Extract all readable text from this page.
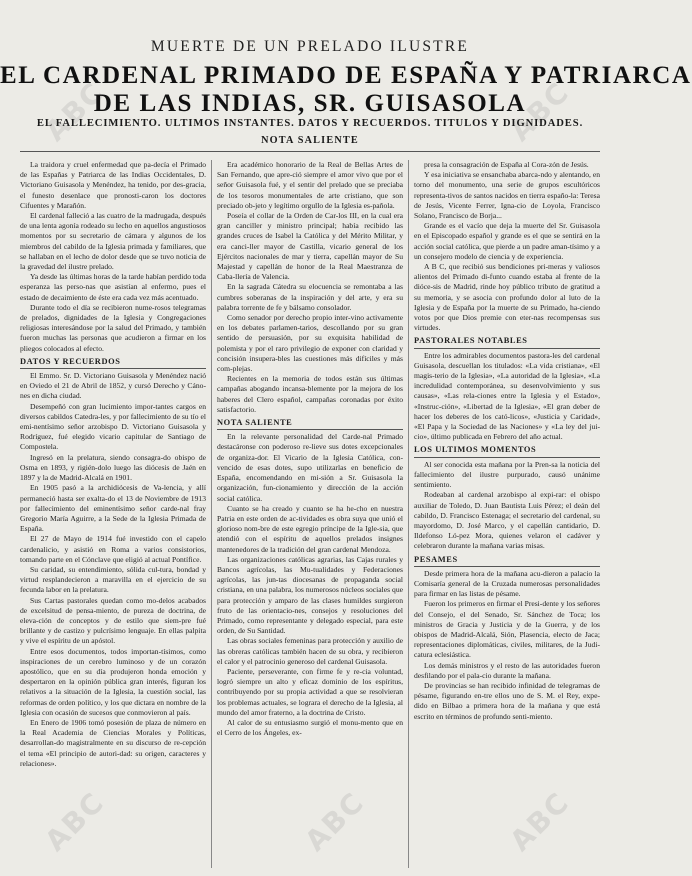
ABC	ABC
ABC	ABC	ABC
MUERTE DE UN PRELADO ILUSTRE
EL CARDENAL PRIMADO DE ESPAÑA Y PATRIARCA
DE LAS INDIAS, SR. GUISASOLA
EL FALLECIMIENTO. ULTIMOS INSTANTES. DATOS Y RECUERDOS. TITULOS Y DIGNIDADES.
NOTA SALIENTE

La traidora y cruel enfermedad que pa-decía el Primado de las Españas y Patriarca de las Indias Occidentales, D. Victoriano Guisasola y Menéndez, ha tenido, por des-gracia, el funesto desenlace que pronosti-caron los doctores Cifuentes y Marañón.

El cardenal falleció a las cuatro de la madrugada, después de una lenta agonía rodeado su lecho en aquellos angustiosos momentos por su secretario de cámara y algunos de los miembros del cabildo de la Iglesia primada y familiares, que se hallaban en el lecho de dolor desde que se tuvo noticia de la gravedad del ilustre prelado.

Ya desde las últimas horas de la tarde habían perdido toda esperanza las perso-nas que asistían al enfermo, pues el estado de decaimiento de éste era cada vez más acentuado.

Durante todo el día se recibieron nume-rosos telegramas de prelados, dignidades de la Iglesia y Congregaciones religiosas interesándose por la salud del Primado, y también fueron muchas las personas que acudieron a firmar en los pliegos colocados al efecto.

DATOS Y RECUERDOS

El Emmo. Sr. D. Victoriano Guisasola y Menéndez nació en Oviedo el 21 de Abril de 1852, y cursó Derecho y Cáno-nes en dicha ciudad.

Desempeñó con gran lucimiento impor-tantes cargos en diversos cabildos Catedra-les, y por fallecimiento de su tío el emi-nentísimo señor arzobispo D. Victoriano Guisasola y Rodríguez, fué elegido vicario capitular de Santiago de Compostela.

Ingresó en la prelatura, siendo consagra-do obispo de Osma en 1893, y rigién-dolo luego las diócesis de Jaén en 1897 y la de Madrid-Alcalá en 1901.

En 1905 pasó a la archidiócesis de Va-lencia, y allí permaneció hasta ser exalta-do el 13 de Noviembre de 1913 por fallecimiento del eminentísimo señor carde-nal fray Gregorio María Aguirre, a la Sede de la Iglesia Primada de España.

El 27 de Mayo de 1914 fué investido con el capelo cardenalicio, y asistió en Roma a varios consistorios, tomando parte en el Cónclave que eligió al actual Pontífice.

Su caridad, su entendimiento, sólida cul-tura, bondad y virtud resplandecieron a maravilla en el ejercicio de su fecunda labor en la prelatura.

Sus Cartas pastorales quedan como mo-delos acabados de excelsitud de pensa-miento, de pureza de doctrina, de eleva-ción de conceptos y de estilo que siem-pre fué brillante y de castizo y pulcrísimo lenguaje. En ellas palpita y vive el espíritu de un apóstol.

Entre esos documentos, todos importan-tísimos, como inspiraciones de un cerebro luminoso y de un corazón apostólico, que en su día produjeron honda emoción y despertaron en la opinión pública gran interés, figuran los relativos a la situación de la Iglesia, la cuestión social, las reformas de orden político, y los que dictara en nombre de la Iglesia con ocasión de sucesos que conmovieron al país.

En Enero de 1906 tomó posesión de plaza de número en la Real Academia de Ciencias Morales y Políticas, desarrollan-do magistralmente en su discurso de re-cepción el tema «El principio de autori-dad: su origen, caracteres y relaciones».

Era académico honorario de la Real de Bellas Artes de San Fernando, que apre-ció siempre el amor vivo que por el señor Guisasola fué, y el sentir del prelado que se preciaba de los tesoros monumentales de arte cristiano, que son preciado ob-jeto y legítimo orgullo de la Iglesia es-pañola.

Poseía el collar de la Orden de Car-los III, en la cual era gran canciller y ministro principal; había recibido las grandes cruces de Isabel la Católica y del Mérito Militar, y era canci-ller mayor de Castilla, vicario general de los Ejércitos nacionales de mar y tierra, capellán mayor de Su Majestad y capellán de honor de la Real Maestranza de Caba-llería de Valencia.

En la sagrada Cátedra su elocuencia se remontaba a las cumbres soberanas de la inspiración y del arte, y era su palabra torrente de fe y bálsamo consolador.

Como senador por derecho propio inter-vino activamente en los debates parlamen-tarios, descollando por su gran sentido de persuasión, por su exquisita habilidad de polemista y por el raro privilegio de exponer con claridad y concisión insupera-bles las cuestiones más difíciles y más com-plejas.

Recientes en la memoria de todos están sus últimas campañas abogando incansa-blemente por la mejora de los haberes del Clero español, campañas coronadas por éxito satisfactorio.

NOTA SALIENTE

En la relevante personalidad del Carde-nal Primado destacáronse con poderoso re-lieve sus dotes excepcionales de organiza-dor. El Vicario de la Iglesia Católica, con-vencido de esas dotes, supo utilizarlas en beneficio de España, encomendando en mi-sión a Sr. Guisasola la organización, fun-cionamiento y dirección de la acción social católica.

Cuanto se ha creado y cuanto se ha he-cho en nuestra Patria en este orden de ac-tividades es obra suya que unió el glorioso nom-bre de este egregio príncipe de la Igle-sia, que atendió con el espíritu de aquellos prelados insignes mantenedores de la tradición del gran cardenal Mendoza.

Las organizaciones católicas agrarias, las Cajas rurales y Bancos agrícolas, las Mu-tualidades y Federaciones agrícolas, las jun-tas diocesanas de propaganda social cristiana, en una palabra, los numerosos núcleos sociales que para protección y amparo de las clases humildes surgieron fruto de las orientacio-nes, consejos y resoluciones del Primado, como representante y delegado especial, para este orden, de Su Santidad.

Las obras sociales femeninas para protección y auxilio de las obreras católicas también hacen de su obra, y recibieron el calor y el patrocinio generoso del cardenal Guisasola.

Paciente, perseverante, con firme fe y re-cia voluntad, logró siempre un alto y eficaz dominio de los espíritus, contribuyendo por su propia actividad a que se resolvieran los problemas actuales, se lograra el derecho de la Iglesia, al mundo del amor fraterno, a la doctrina de Cristo.

Al calor de su entusiasmo surgió el monu-mento que en el Cerro de los Ángeles, ex-

presa la consagración de España al Cora-zón de Jesús.

Y esa iniciativa se ensanchaba abarca-ndo y alentando, en torno del monumento, una serie de grupos escultóricos representa-tivos de santos nacidos en tierra españo-la: Teresa de Jesús, Vicente Ferrer, Igna-cio de Loyola, Francisco Solano, Francisco de Borja...

Grande es el vacío que deja la muerte del Sr. Guisasola en el Episcopado español y grande es el que se sentirá en la acción social católica, que pierde a un padre aman-tísimo y a un consejero modelo de ciencia y de experiencia.

A B C, que recibió sus bendiciones pri-meras y valiosos alientos del Primado di-funto cuando estaba al frente de la dióce-sis de Madrid, rinde hoy público tributo de gratitud a su memoria, y se asocia con profundo dolor al luto de la Iglesia y de España por la muerte de su Primado, ha-ciendo votos por que Dios premie con eter-nas recompensas sus virtudes.

PASTORALES NOTABLES

Entre los admirables documentos pastora-les del cardenal Guisasola, descuellan los titulados: «La vida cristiana», «El magis-terio de la Iglesia», «La autoridad de la Iglesia», «La incredulidad contemporánea, su desenvolvimiento y sus causas», «Las rela-ciones entre la Iglesia y el Estado», «Instruc-ción», «Libertad de la Iglesia», «El gran deber de hacer los deberes de los cató-licos», «Justicia y Caridad», «El Papa y la Sociedad de las Naciones» y «La ley del jui-cio», último publicada en Febrero del año actual.

LOS ULTIMOS MOMENTOS

Al ser conocida esta mañana por la Pren-sa la noticia del fallecimiento del ilustre purpurado, causó unánime sentimiento.

Rodeaban al cardenal arzobispo al expi-rar: el obispo auxiliar de Toledo, D. Juan Bautista Luis Pérez; el deán del cabildo, D. Francisco Estenaga; el secretario del cardenal, su mayordomo, D. José Marco, y el capellán cantidario, D. Ildefonso Ló-pez Mora, quienes velaron el cadáver y celebraron durante la mañana varias misas.

PESAMES

Desde primera hora de la mañana acu-dieron a palacio la Comisaría general de la Cruzada numerosas personalidades para firmar en las listas de pésame.

Fueron los primeros en firmar el Presi-dente y los señores del Consejo, el del Senado, Sr. Sánchez de Toca; los ministros de Gracia y Justicia y de la Guerra, y de los obispos de Madrid-Alcalá, Sión, Plasencia, electo de Jaca; representaciones diplomáticas, civiles, militares, de la Judi-catura eclesiástica.

Los demás ministros y el resto de las autoridades fueron desfilando por el pala-cio durante la mañana.

De provincias se han recibido infinidad de telegramas de pésame, figurando en-tre ellos uno de S. M. el Rey, expe-dido en Bilbao a primera hora de la mañana y que está escrito en términos de profundo senti-miento.
